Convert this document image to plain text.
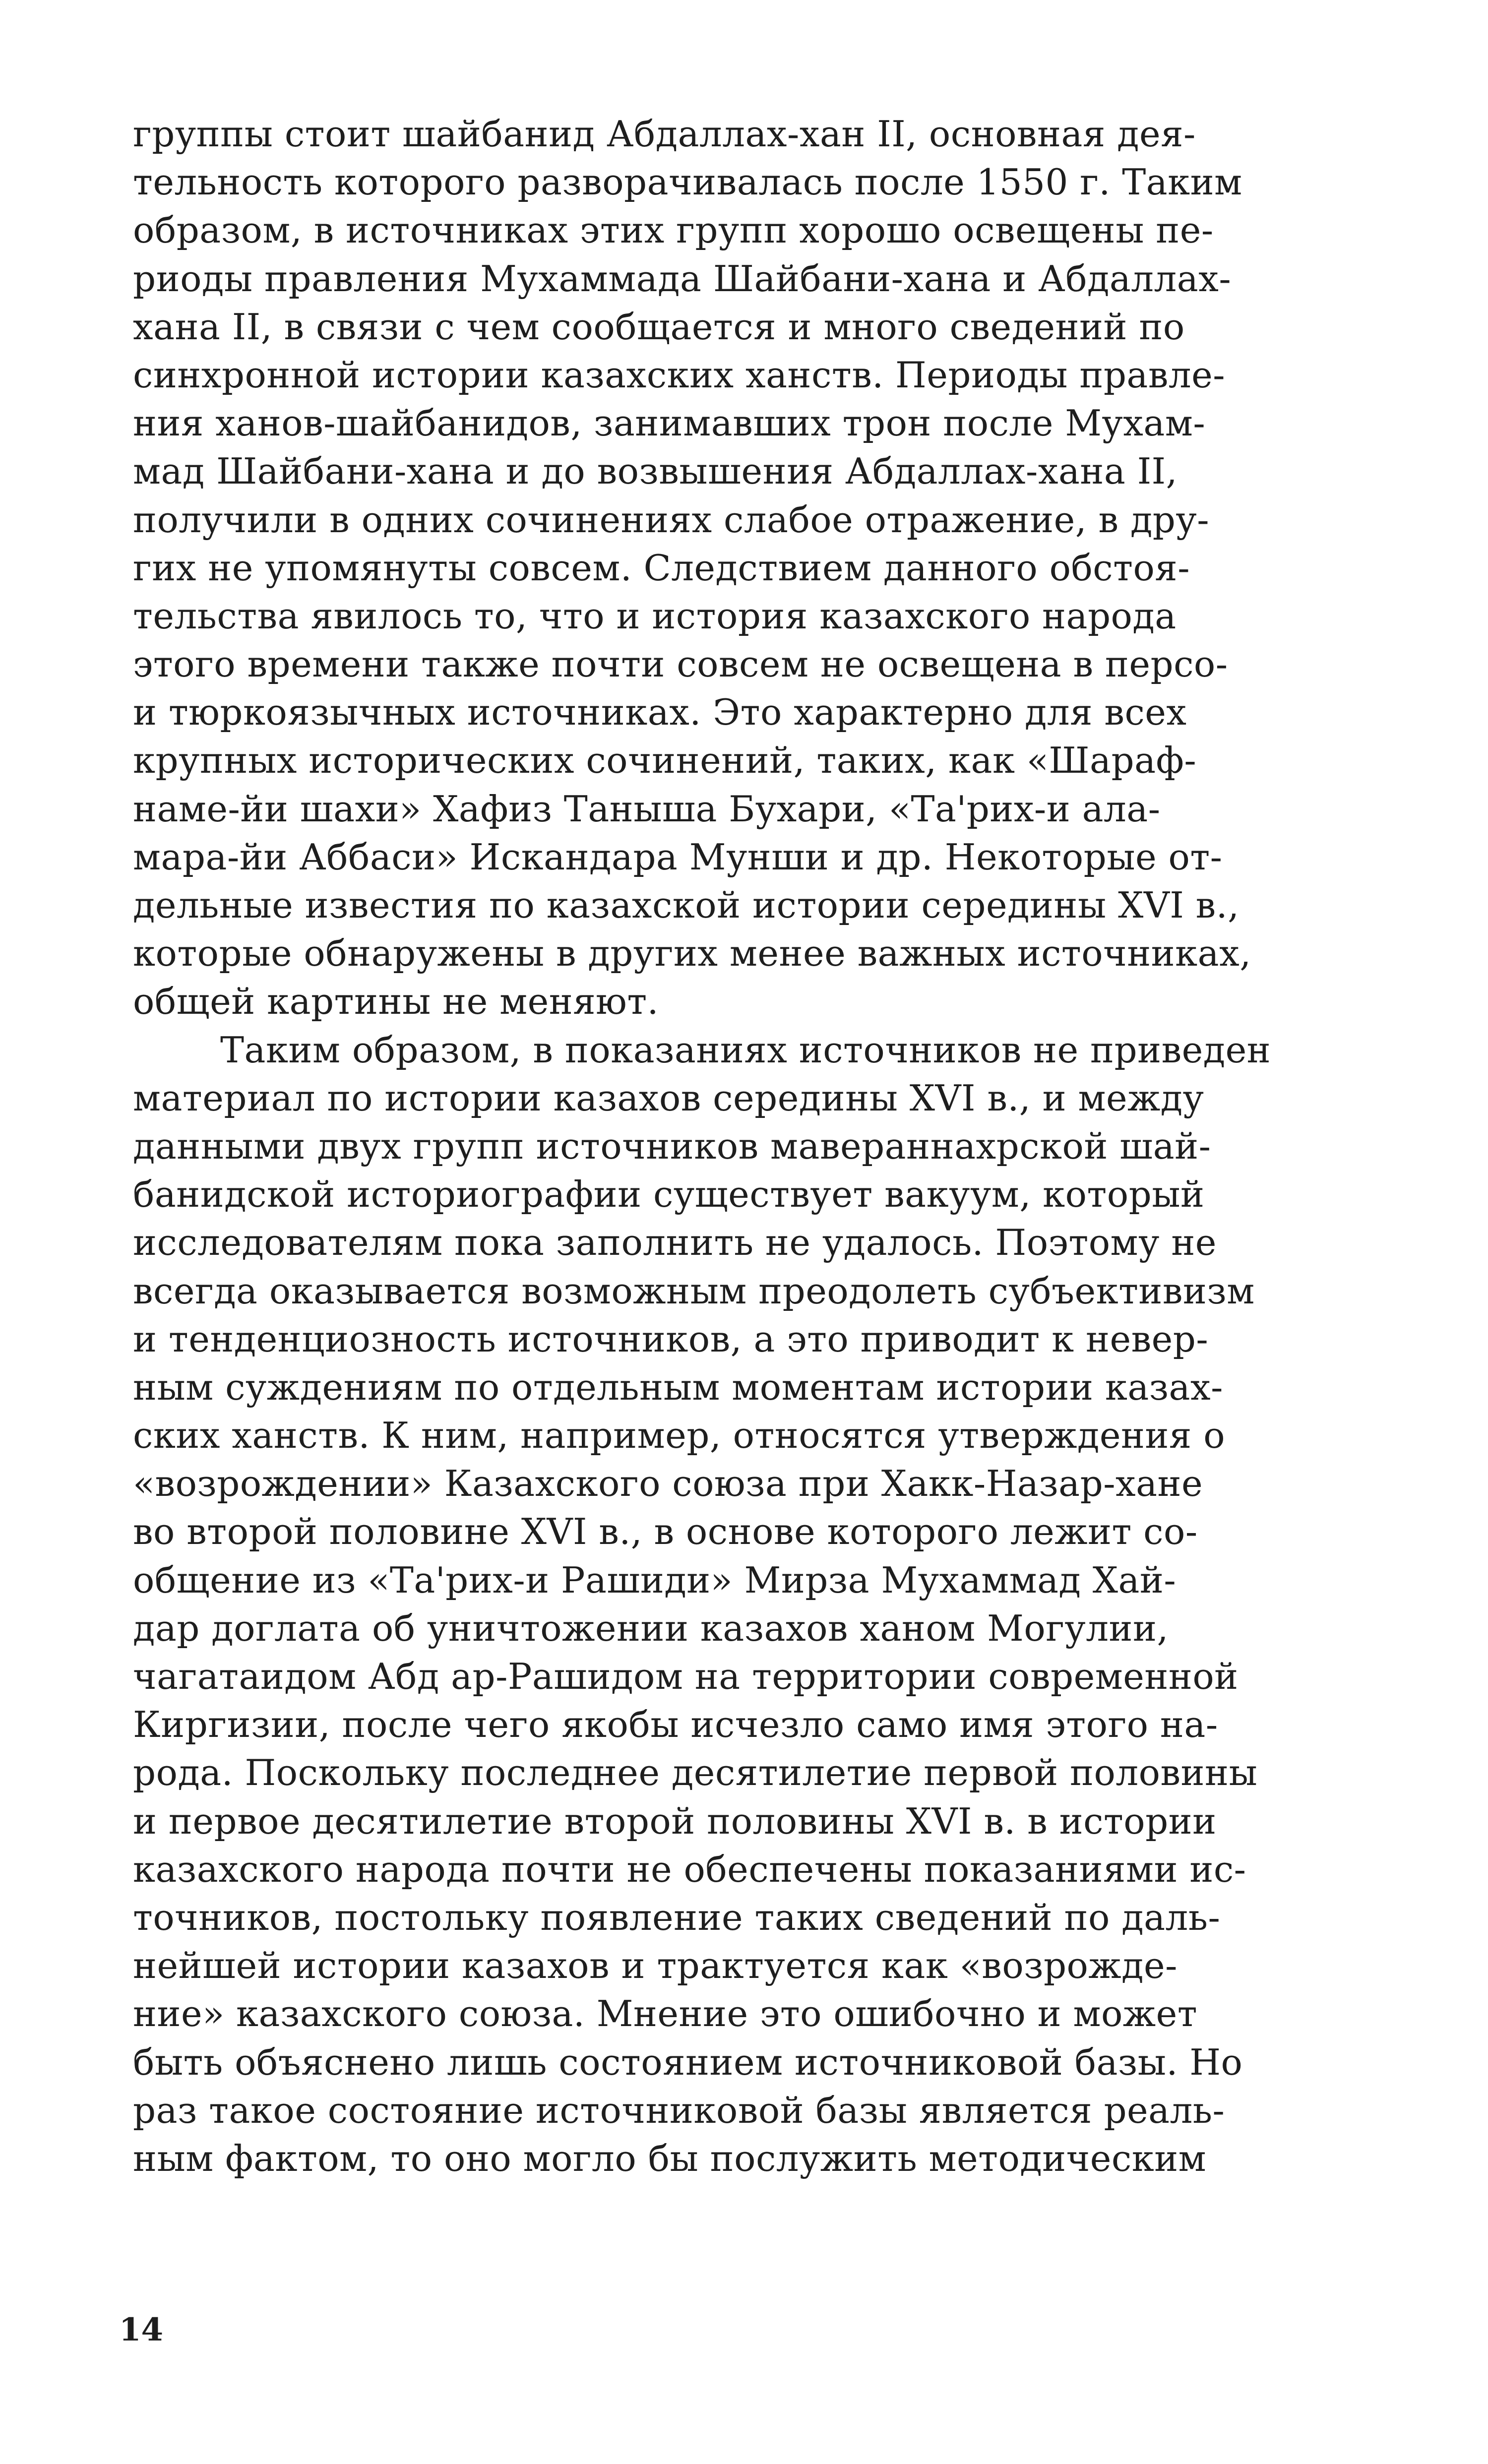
группы стоит шайбанид Абдаллах-хан II, основная дея-
тельность которого разворачивалась после 1550 г. Таким
образом, в источниках этих групп хорошо освещены пе-
риоды правления Мухаммада Шайбани-хана и Абдаллах-
хана II, в связи с чем сообщается и много сведений по
синхронной истории казахских ханств. Периоды правле-
ния ханов-шайбанидов, занимавших трон после Мухам-
мад Шайбани-хана и до возвышения Абдаллах-хана II,
получили в одних сочинениях слабое отражение, в дру-
гих не упомянуты совсем. Следствием данного обстоя-
тельства явилось то, что и история казахского народа
этого времени также почти совсем не освещена в персо-
и тюркоязычных источниках. Это характерно для всех
крупных исторических сочинений, таких, как «Шараф-
наме-йи шахи» Хафиз Таныша Бухари, «Та'рих-и ала-
мара-йи Аббаси» Искандара Мунши и др. Некоторые от-
дельные известия по казахской истории середины XVI в.,
которые обнаружены в других менее важных источниках,
общей картины не меняют.
Таким образом, в показаниях источников не приведен
материал по истории казахов середины XVI в., и между
данными двух групп источников мавераннахрской шай-
банидской историографии существует вакуум, который
исследователям пока заполнить не удалось. Поэтому не
всегда оказывается возможным преодолеть субъективизм
и тенденциозность источников, а это приводит к невер-
ным суждениям по отдельным моментам истории казах-
ских ханств. К ним, например, относятся утверждения о
«возрождении» Казахского союза при Хакк-Назар-хане
во второй половине XVI в., в основе которого лежит со-
общение из «Та'рих-и Рашиди» Мирза Мухаммад Хай-
дар доглата об уничтожении казахов ханом Могулии,
чагатаидом Абд ар-Рашидом на территории современной
Киргизии, после чего якобы исчезло само имя этого на-
рода. Поскольку последнее десятилетие первой половины
и первое десятилетие второй половины XVI в. в истории
казахского народа почти не обеспечены показаниями ис-
точников, постольку появление таких сведений по даль-
нейшей истории казахов и трактуется как «возрожде-
ние» казахского союза. Мнение это ошибочно и может
быть объяснено лишь состоянием источниковой базы. Но
раз такое состояние источниковой базы является реаль-
ным фактом, то оно могло бы послужить методическим
14
